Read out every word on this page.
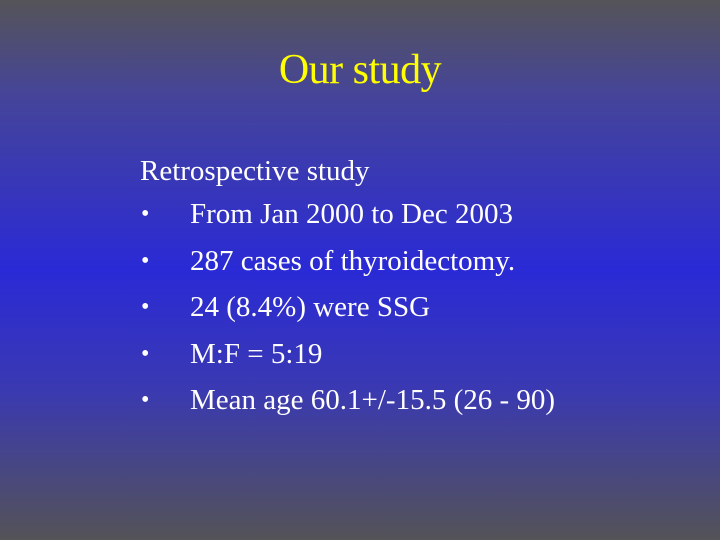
Our study
Retrospective study
•	From Jan 2000 to Dec 2003
•	287 cases of thyroidectomy.
•	24 (8.4%) were SSG
•	M:F = 5:19
•	Mean age 60.1+/-15.5 (26 - 90)
